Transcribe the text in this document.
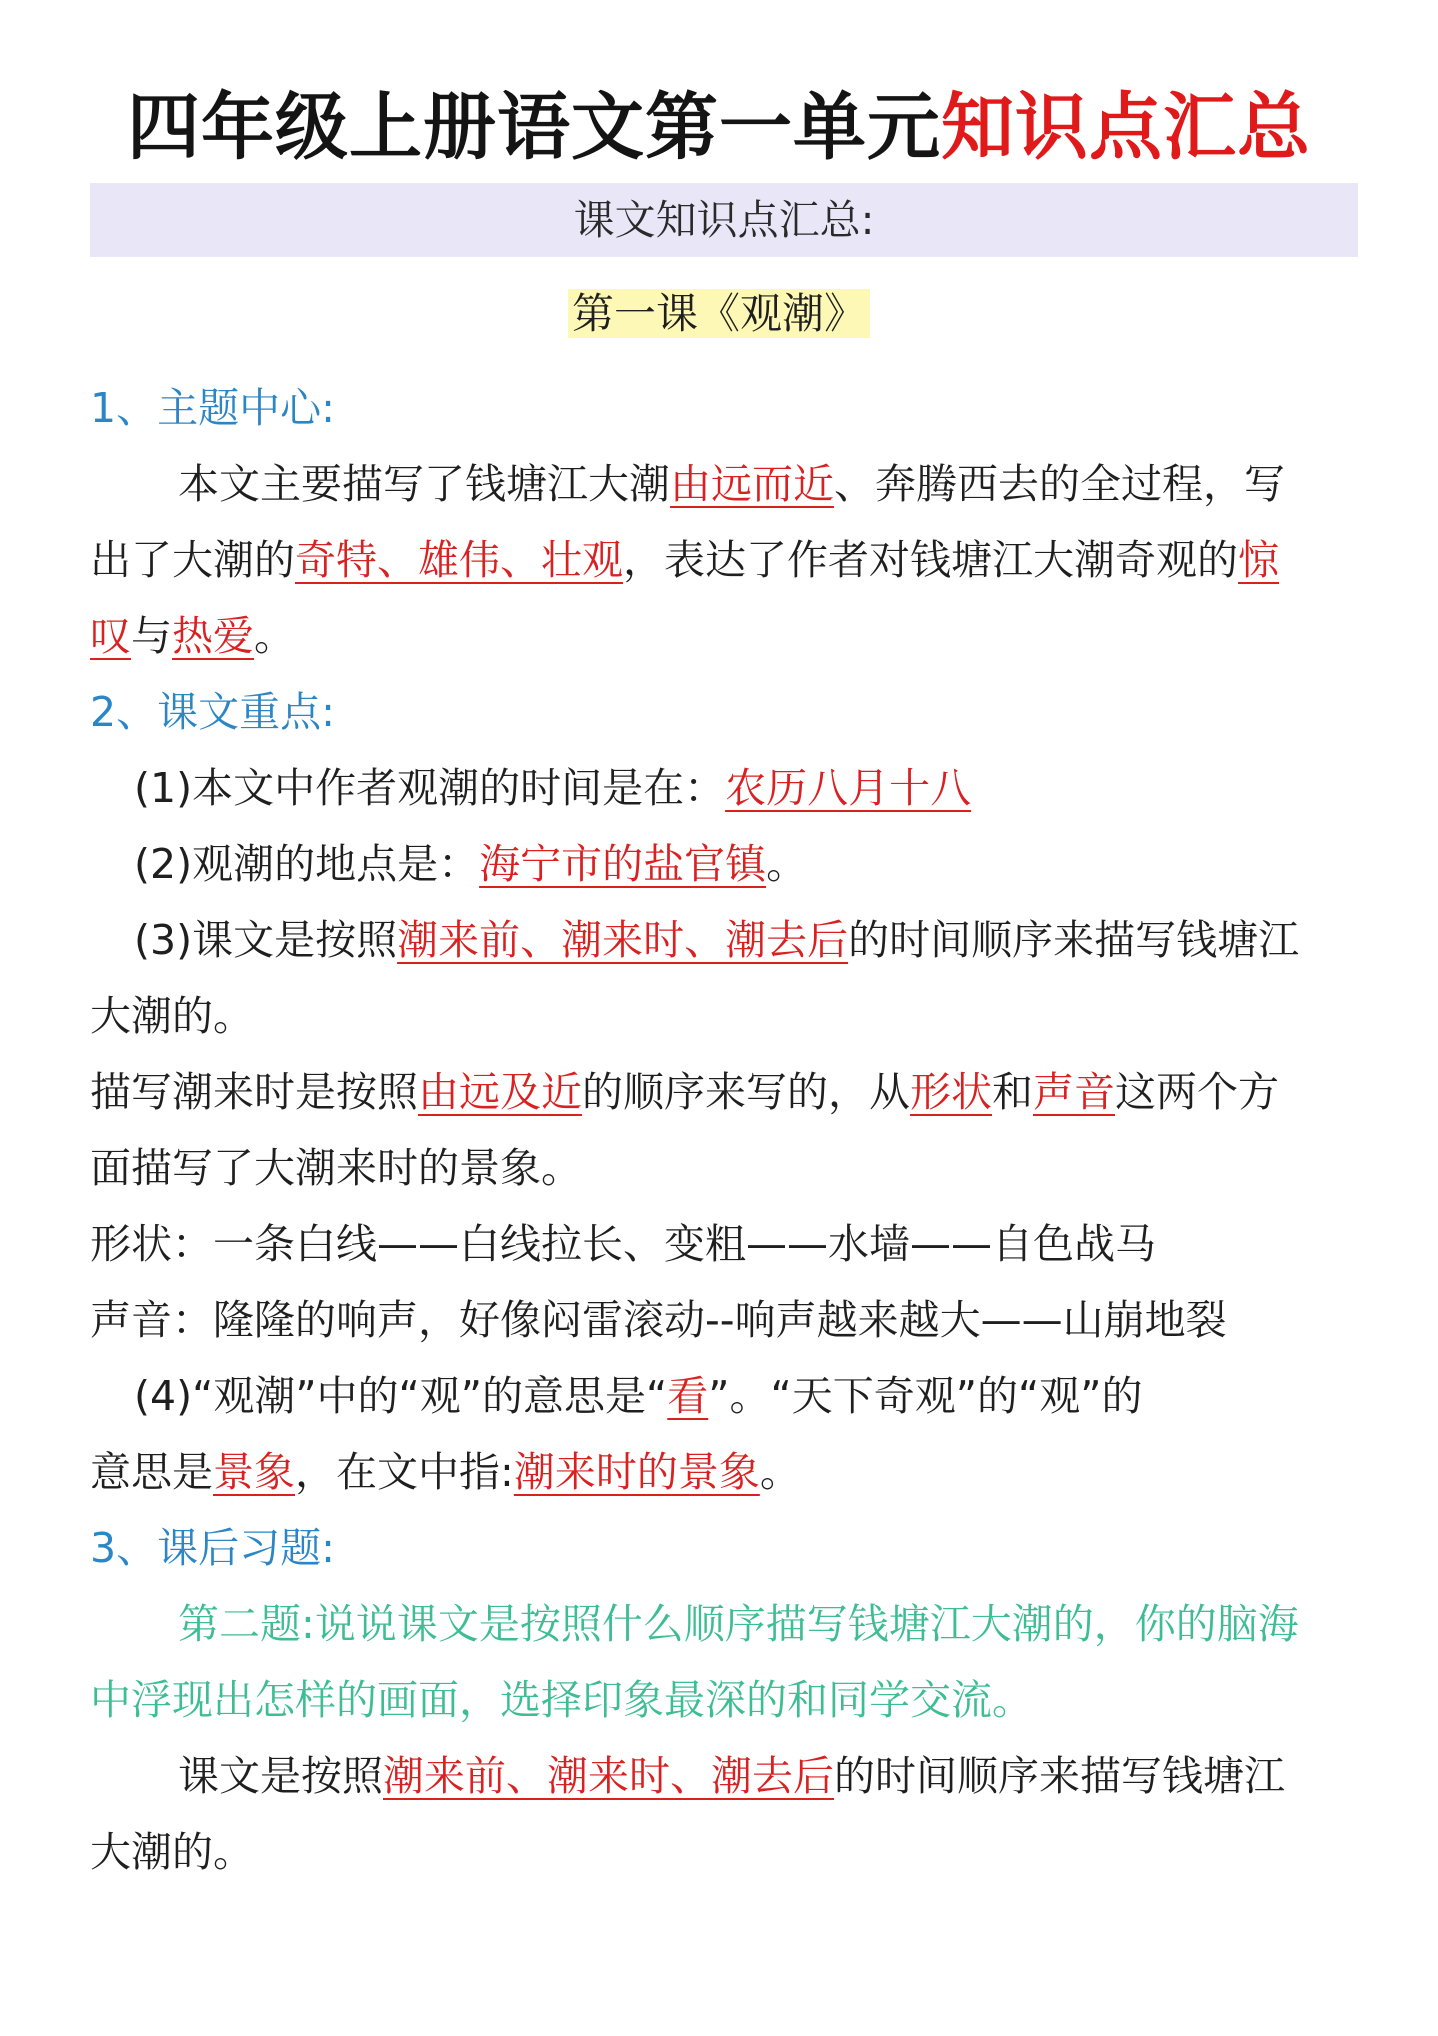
四年级上册语文第一单元知识点汇总
课文知识点汇总:
第一课《观潮》
1、主题中心:
本文主要描写了钱塘江大潮由远而近、奔腾西去的全过程，写
出了大潮的奇特、雄伟、壮观，表达了作者对钱塘江大潮奇观的惊
叹与热爱。
2、课文重点:
(1)本文中作者观潮的时间是在：农历八月十八
(2)观潮的地点是：海宁市的盐官镇。
(3)课文是按照潮来前、潮来时、潮去后的时间顺序来描写钱塘江
大潮的。
描写潮来时是按照由远及近的顺序来写的，从形状和声音这两个方
面描写了大潮来时的景象。
形状：一条白线——白线拉长、变粗——水墙——自色战马
声音：隆隆的响声，好像闷雷滚动--响声越来越大——山崩地裂
(4)“观潮”中的“观”的意思是“看”。“天下奇观”的“观”的
意思是景象，在文中指:潮来时的景象。
3、课后习题:
第二题:说说课文是按照什么顺序描写钱塘江大潮的，你的脑海
中浮现出怎样的画面，选择印象最深的和同学交流。
课文是按照潮来前、潮来时、潮去后的时间顺序来描写钱塘江
大潮的。
